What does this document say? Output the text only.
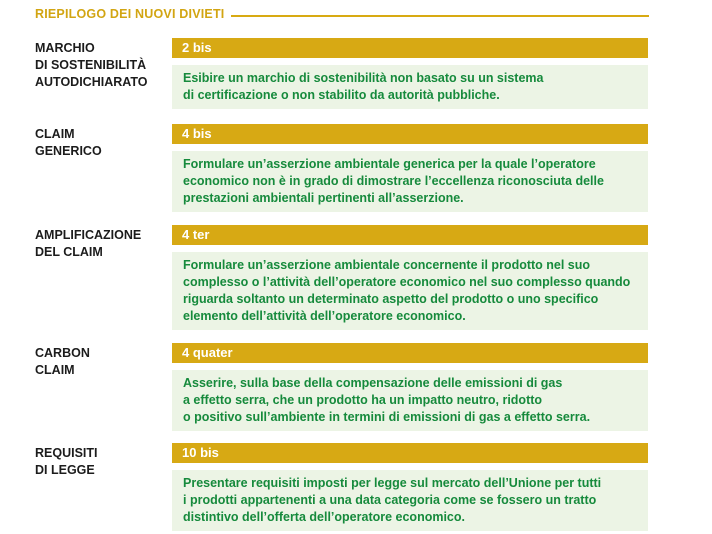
RIEPILOGO DEI NUOVI DIVIETI
MARCHIO
DI SOSTENIBILITÀ
AUTODICHIARATO
2 bis
Esibire un marchio di sostenibilità non basato su un sistema
di certificazione o non stabilito da autorità pubbliche.
CLAIM
GENERICO
4 bis
Formulare un’asserzione ambientale generica per la quale l’operatore
economico non è in grado di dimostrare l’eccellenza riconosciuta delle
prestazioni ambientali pertinenti all’asserzione.
AMPLIFICAZIONE
DEL CLAIM
4 ter
Formulare un’asserzione ambientale concernente il prodotto nel suo
complesso o l’attività dell’operatore economico nel suo complesso quando
riguarda soltanto un determinato aspetto del prodotto o uno specifico
elemento dell’attività dell’operatore economico.
CARBON
CLAIM
4 quater
Asserire, sulla base della compensazione delle emissioni di gas
a effetto serra, che un prodotto ha un impatto neutro, ridotto
o positivo sull’ambiente in termini di emissioni di gas a effetto serra.
REQUISITI
DI LEGGE
10 bis
Presentare requisiti imposti per legge sul mercato dell’Unione per tutti
i prodotti appartenenti a una data categoria come se fossero un tratto
distintivo dell’offerta dell’operatore economico.
